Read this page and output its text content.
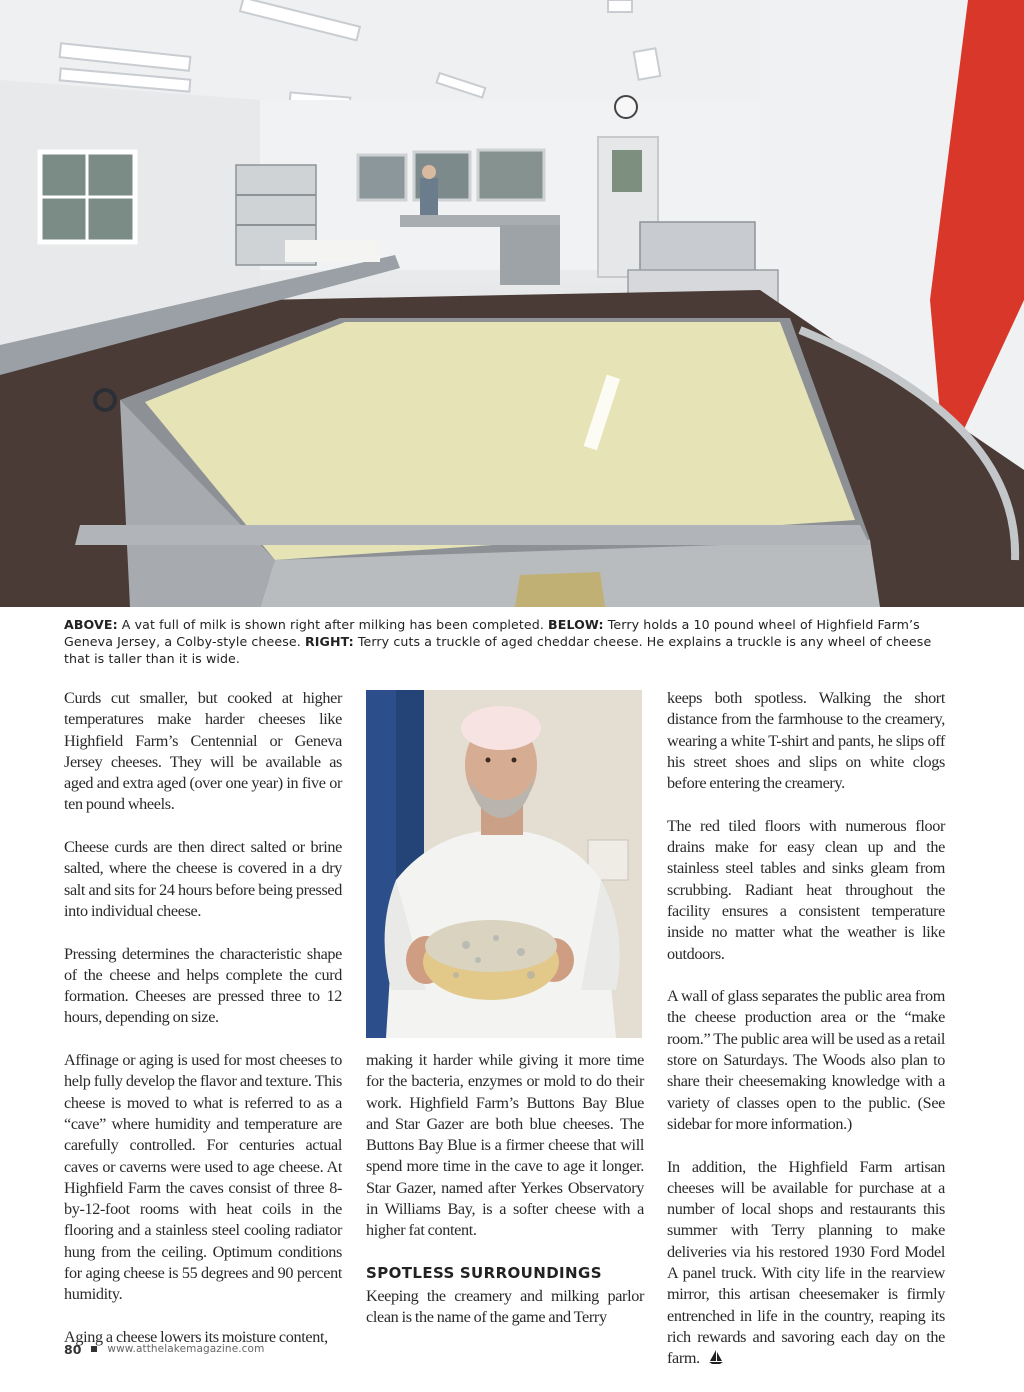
ABOVE: A vat full of milk is shown right after milking has been completed. BELOW: Terry holds a 10 pound wheel of Highfield Farm’s Geneva Jersey, a Colby-style cheese. RIGHT: Terry cuts a truckle of aged cheddar cheese. He explains a truckle is any wheel of cheese that is taller than it is wide.

Curds cut smaller, but cooked at higher temperatures make harder cheeses like Highfield Farm’s Centennial or Geneva Jersey cheeses. They will be available as aged and extra aged (over one year) in five or ten pound wheels.

Cheese curds are then direct salted or brine salted, where the cheese is covered in a dry salt and sits for 24 hours before being pressed into individual cheese.

Pressing determines the characteristic shape of the cheese and helps complete the curd formation. Cheeses are pressed three to 12 hours, depending on size.

Affinage or aging is used for most cheeses to help fully develop the flavor and texture. This cheese is moved to what is referred to as a “cave” where humidity and temperature are carefully controlled. For centuries actual caves or caverns were used to age cheese. At Highfield Farm the caves consist of three 8-by-12-foot rooms with heat coils in the flooring and a stainless steel cooling radiator hung from the ceiling. Optimum conditions for aging cheese is 55 degrees and 90 percent humidity.

Aging a cheese lowers its moisture content,

making it harder while giving it more time for the bacteria, enzymes or mold to do their work. Highfield Farm’s Buttons Bay Blue and Star Gazer are both blue cheeses. The Buttons Bay Blue is a firmer cheese that will spend more time in the cave to age it longer. Star Gazer, named after Yerkes Observatory in Williams Bay, is a softer cheese with a higher fat content.

SPOTLESS SURROUNDINGS

Keeping the creamery and milking parlor clean is the name of the game and Terry

keeps both spotless. Walking the short distance from the farmhouse to the creamery, wearing a white T-shirt and pants, he slips off his street shoes and slips on white clogs before entering the creamery.

The red tiled floors with numerous floor drains make for easy clean up and the stainless steel tables and sinks gleam from scrubbing. Radiant heat throughout the facility ensures a consistent temperature inside no matter what the weather is like outdoors.

A wall of glass separates the public area from the cheese production area or the “make room.” The public area will be used as a retail store on Saturdays. The Woods also plan to share their cheesemaking knowledge with a variety of classes open to the public. (See sidebar for more information.)

In addition, the Highfield Farm artisan cheeses will be available for purchase at a number of local shops and restaurants this summer with Terry planning to make deliveries via his restored 1930 Ford Model A panel truck. With city life in the rearview mirror, this artisan cheesemaker is firmly entrenched in life in the country, reaping its rich rewards and savoring each day on the farm.

80 www.atthelakemagazine.com
